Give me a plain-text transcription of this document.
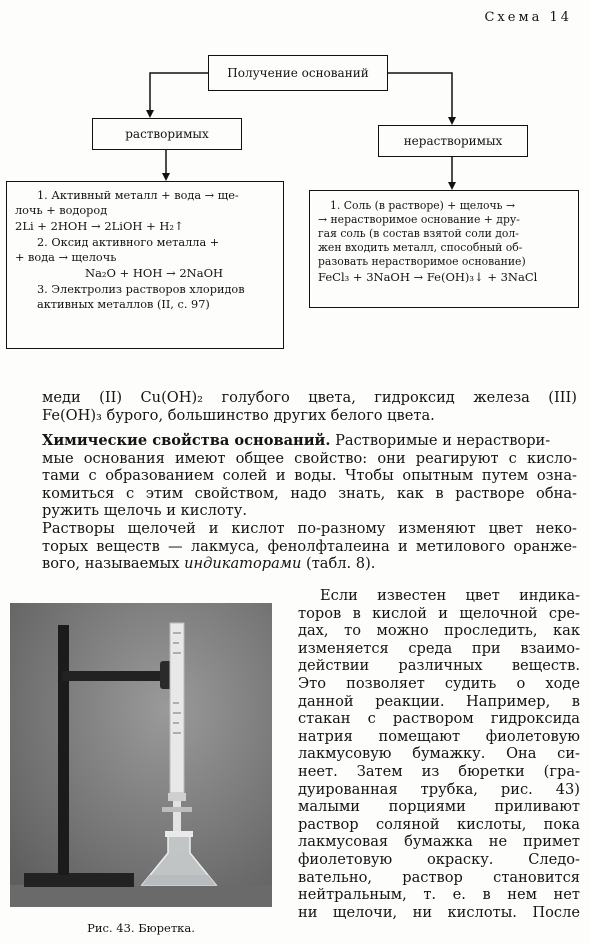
Схема 14
Получение оснований
растворимых	нерастворимых

1. Активный металл + вода → ще-

лочь + водород

2Li + 2HOH → 2LiOH + H₂↑

2. Оксид активного металла +

+ вода → щелочь

Na₂O + HOH → 2NaOH

3. Электролиз растворов хлоридов

активных металлов (II, с. 97)

1. Соль (в растворе) + щелочь →

→ нерастворимое основание + дру-

гая соль (в состав взятой соли дол-

жен входить металл, способный об-

разовать нерастворимое основание)

FeCl₃ + 3NaOH → Fe(OH)₃↓ + 3NaCl

меди (II) Cu(OH)₂ голубого цвета, гидроксид железа (III)
Fe(OH)₃ бурого, большинство других белого цвета.
Химические свойства оснований. Растворимые и нераствори-
мые основания имеют общее свойство: они реагируют с кисло-
тами с образованием солей и воды. Чтобы опытным путем озна-
комиться с этим свойством, надо знать, как в растворе обна-
ружить щелочь и кислоту.
Растворы щелочей и кислот по-разному изменяют цвет неко-
торых веществ — лакмуса, фенолфталеина и метилового оранже-
вого, называемых индикаторами (табл. 8).
Если известен цвет индика-
торов в кислой и щелочной сре-
дах, то можно проследить, как
изменяется среда при взаимо-
действии различных веществ.
Это позволяет судить о ходе
данной реакции. Например, в
стакан с раствором гидроксида
натрия помещают фиолетовую
лакмусовую бумажку. Она си-
неет. Затем из бюретки (гра-
дуированная трубка, рис. 43)
малыми порциями приливают
раствор соляной кислоты, пока
лакмусовая бумажка не примет
фиолетовую окраску. Следо-
вательно, раствор становится
нейтральным, т. е. в нем нет
ни щелочи, ни кислоты. После
Рис. 43. Бюретка.
